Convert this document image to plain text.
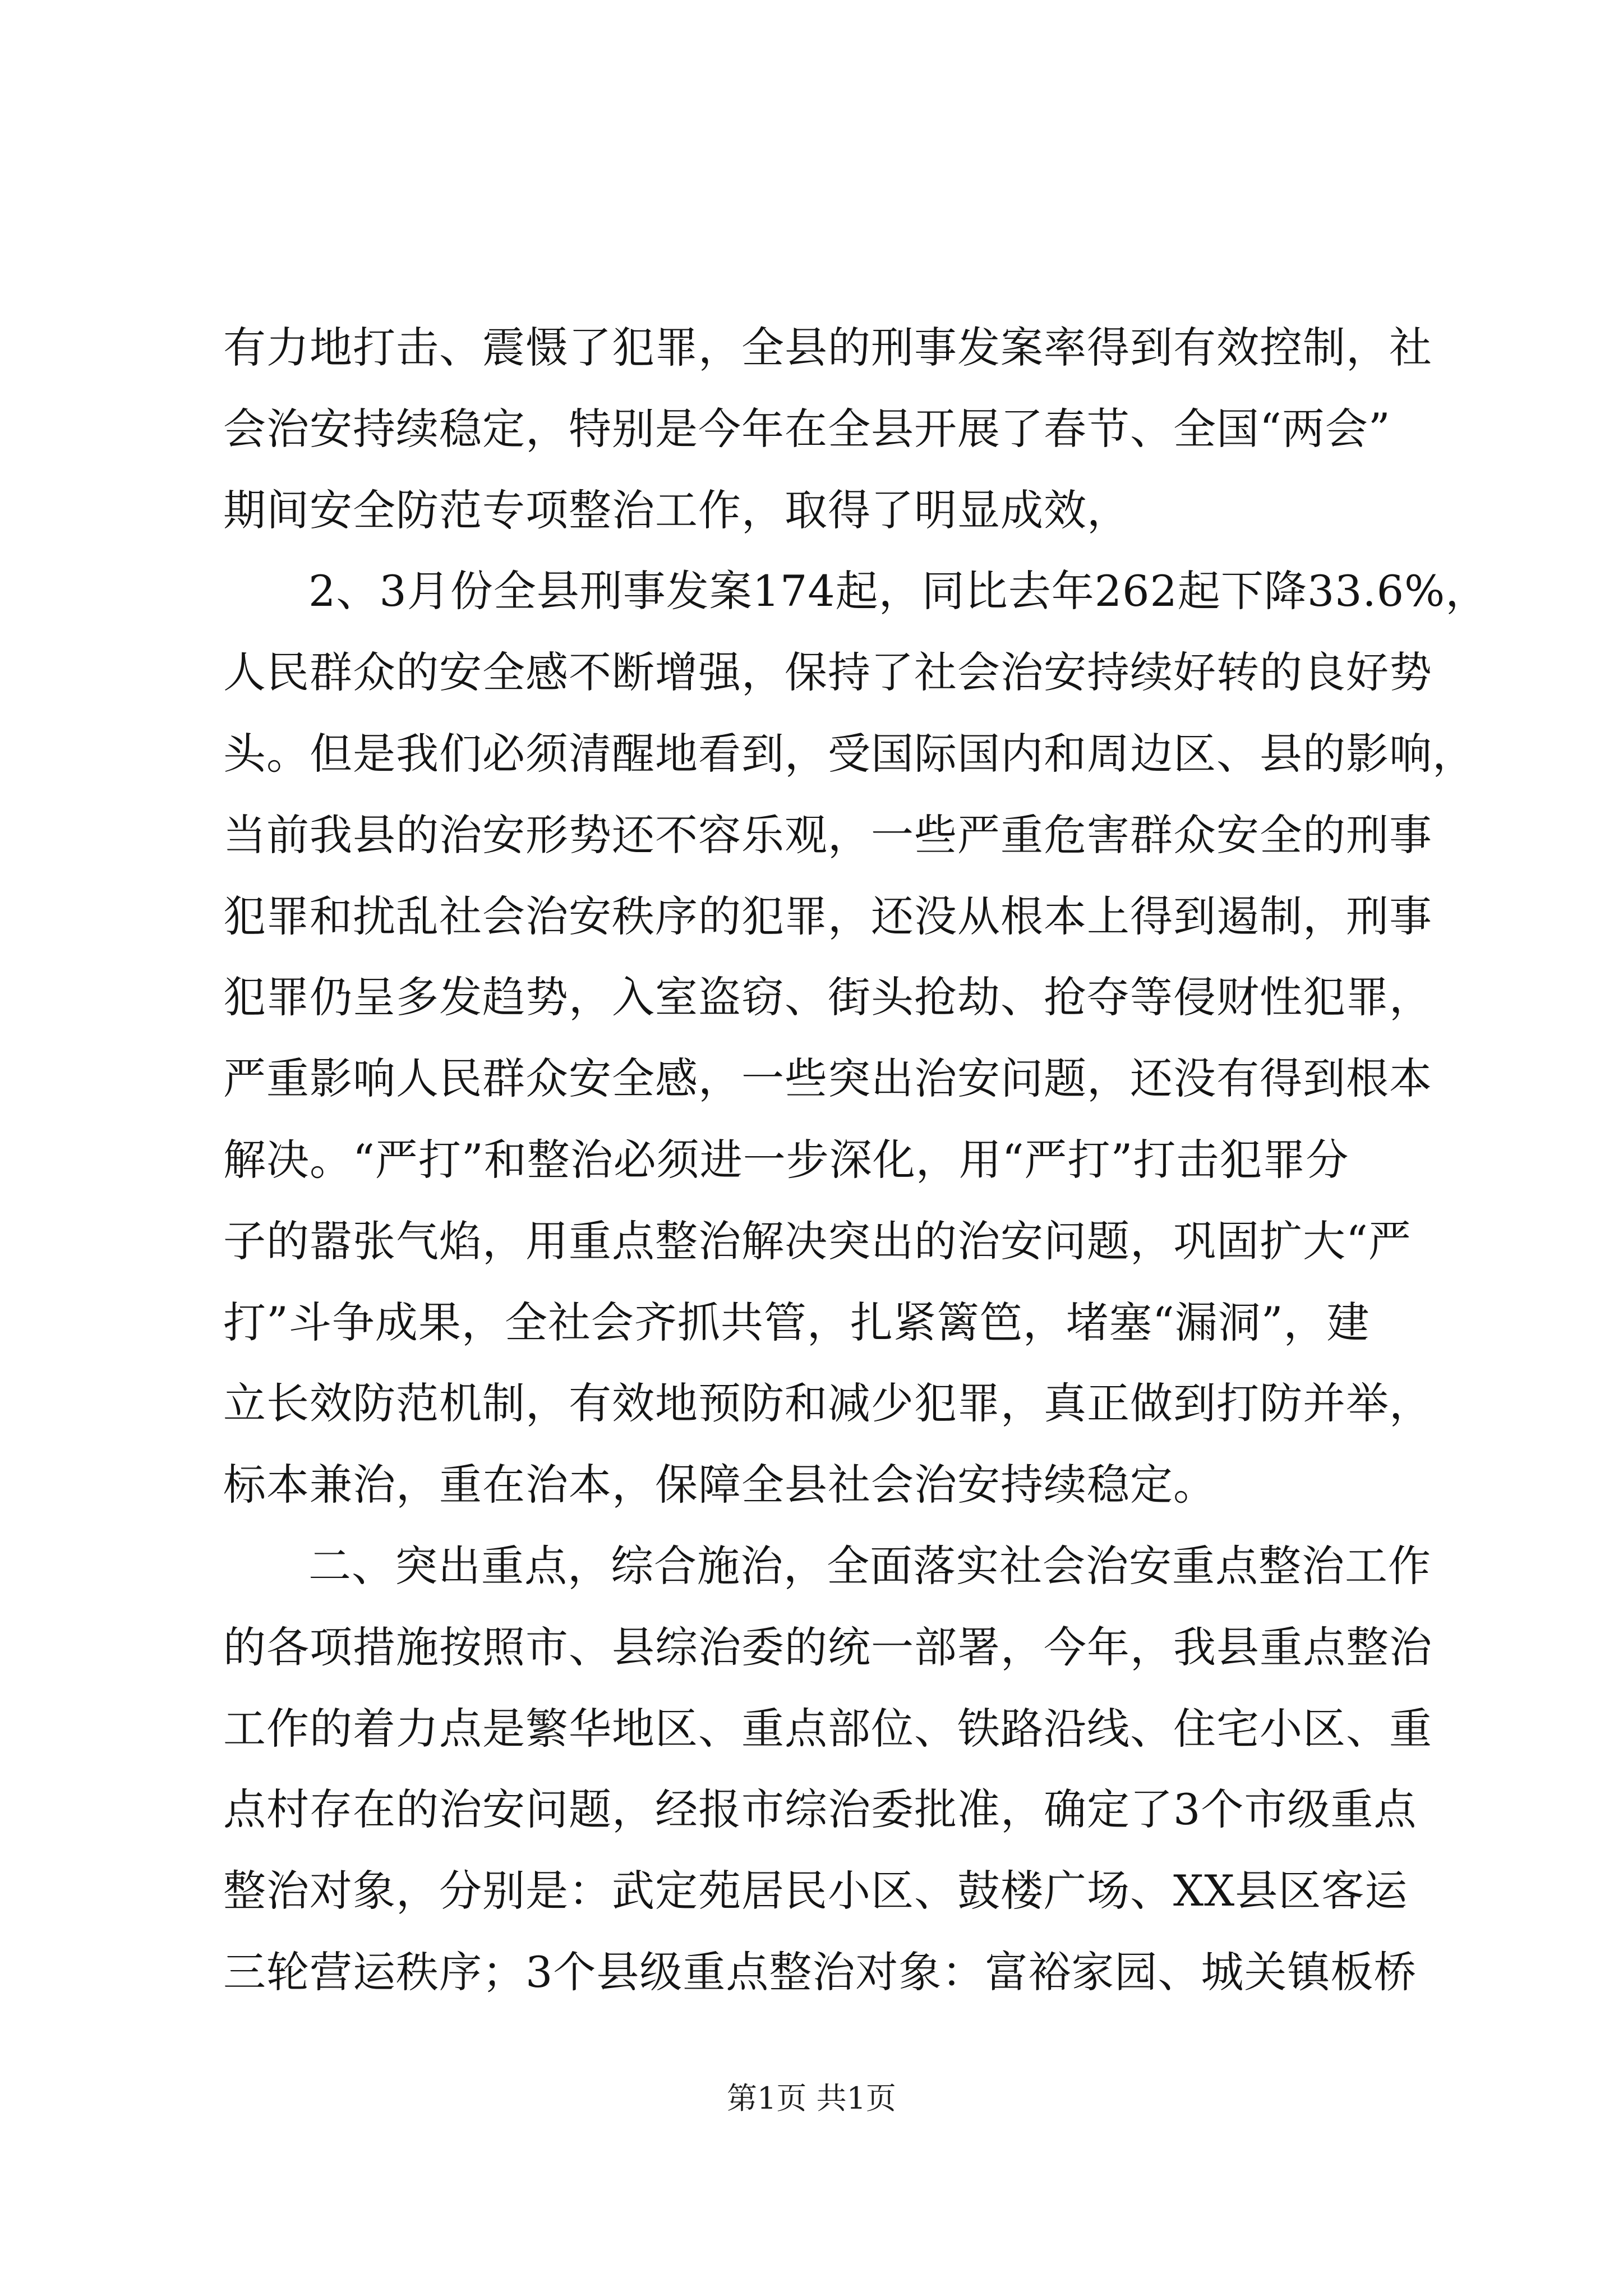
有力地打击、震慑了犯罪，全县的刑事发案率得到有效控制，社
会治安持续稳定，特别是今年在全县开展了春节、全国“两会”
期间安全防范专项整治工作，取得了明显成效，
2、3月份全县刑事发案174起，同比去年262起下降33.6%，
人民群众的安全感不断增强，保持了社会治安持续好转的良好势
头。但是我们必须清醒地看到，受国际国内和周边区、县的影响，
当前我县的治安形势还不容乐观，一些严重危害群众安全的刑事
犯罪和扰乱社会治安秩序的犯罪，还没从根本上得到遏制，刑事
犯罪仍呈多发趋势，入室盗窃、街头抢劫、抢夺等侵财性犯罪，
严重影响人民群众安全感，一些突出治安问题，还没有得到根本
解决。“严打”和整治必须进一步深化，用“严打”打击犯罪分
子的嚣张气焰，用重点整治解决突出的治安问题，巩固扩大“严
打”斗争成果，全社会齐抓共管，扎紧篱笆，堵塞“漏洞”，建
立长效防范机制，有效地预防和减少犯罪，真正做到打防并举，
标本兼治，重在治本，保障全县社会治安持续稳定。
二、突出重点，综合施治，全面落实社会治安重点整治工作
的各项措施按照市、县综治委的统一部署，今年，我县重点整治
工作的着力点是繁华地区、重点部位、铁路沿线、住宅小区、重
点村存在的治安问题，经报市综治委批准，确定了3个市级重点
整治对象，分别是：武定苑居民小区、鼓楼广场、XX县区客运
三轮营运秩序；3个县级重点整治对象：富裕家园、城关镇板桥
第1页 共1页
